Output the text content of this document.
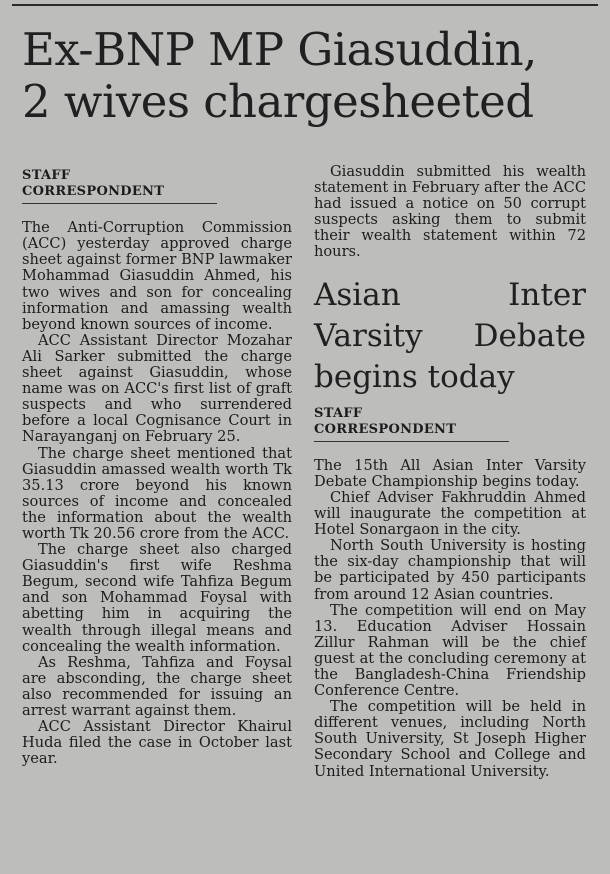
Ex-BNP MP Giasuddin,
2 wives chargesheeted
STAFF CORRESPONDENT

The Anti-Corruption Commission (ACC) yesterday approved charge sheet against former BNP lawmaker Mohammad Giasuddin Ahmed, his two wives and son for concealing information and amassing wealth beyond known sources of income.

ACC Assistant Director Mozahar Ali Sarker submitted the charge sheet against Giasuddin, whose name was on ACC's first list of graft suspects and who surrendered before a local Cognisance Court in Narayanganj on February 25.

The charge sheet mentioned that Giasuddin amassed wealth worth Tk 35.13 crore beyond his known sources of income and concealed the information about the wealth worth Tk 20.56 crore from the ACC.

The charge sheet also charged Giasuddin's first wife Reshma Begum, second wife Tahfiza Begum and son Mohammad Foysal with abetting him in acquiring the wealth through illegal means and concealing the wealth information.

As Reshma, Tahfiza and Foysal are absconding, the charge sheet also recommended for issuing an arrest warrant against them.

ACC Assistant Director Khairul Huda filed the case in October last year.

Giasuddin submitted his wealth statement in February after the ACC had issued a notice on 50 corrupt suspects asking them to submit their wealth statement within 72 hours.

Asian Inter Varsity Debate begins today
STAFF CORRESPONDENT

The 15th All Asian Inter Varsity Debate Championship begins today.

Chief Adviser Fakhruddin Ahmed will inaugurate the competition at Hotel Sonargaon in the city.

North South University is hosting the six-day championship that will be participated by 450 participants from around 12 Asian countries.

The competition will end on May 13. Education Adviser Hossain Zillur Rahman will be the chief guest at the concluding ceremony at the Bangladesh-China Friendship Conference Centre.

The competition will be held in different venues, including North South University, St Joseph Higher Secondary School and College and United International University.
